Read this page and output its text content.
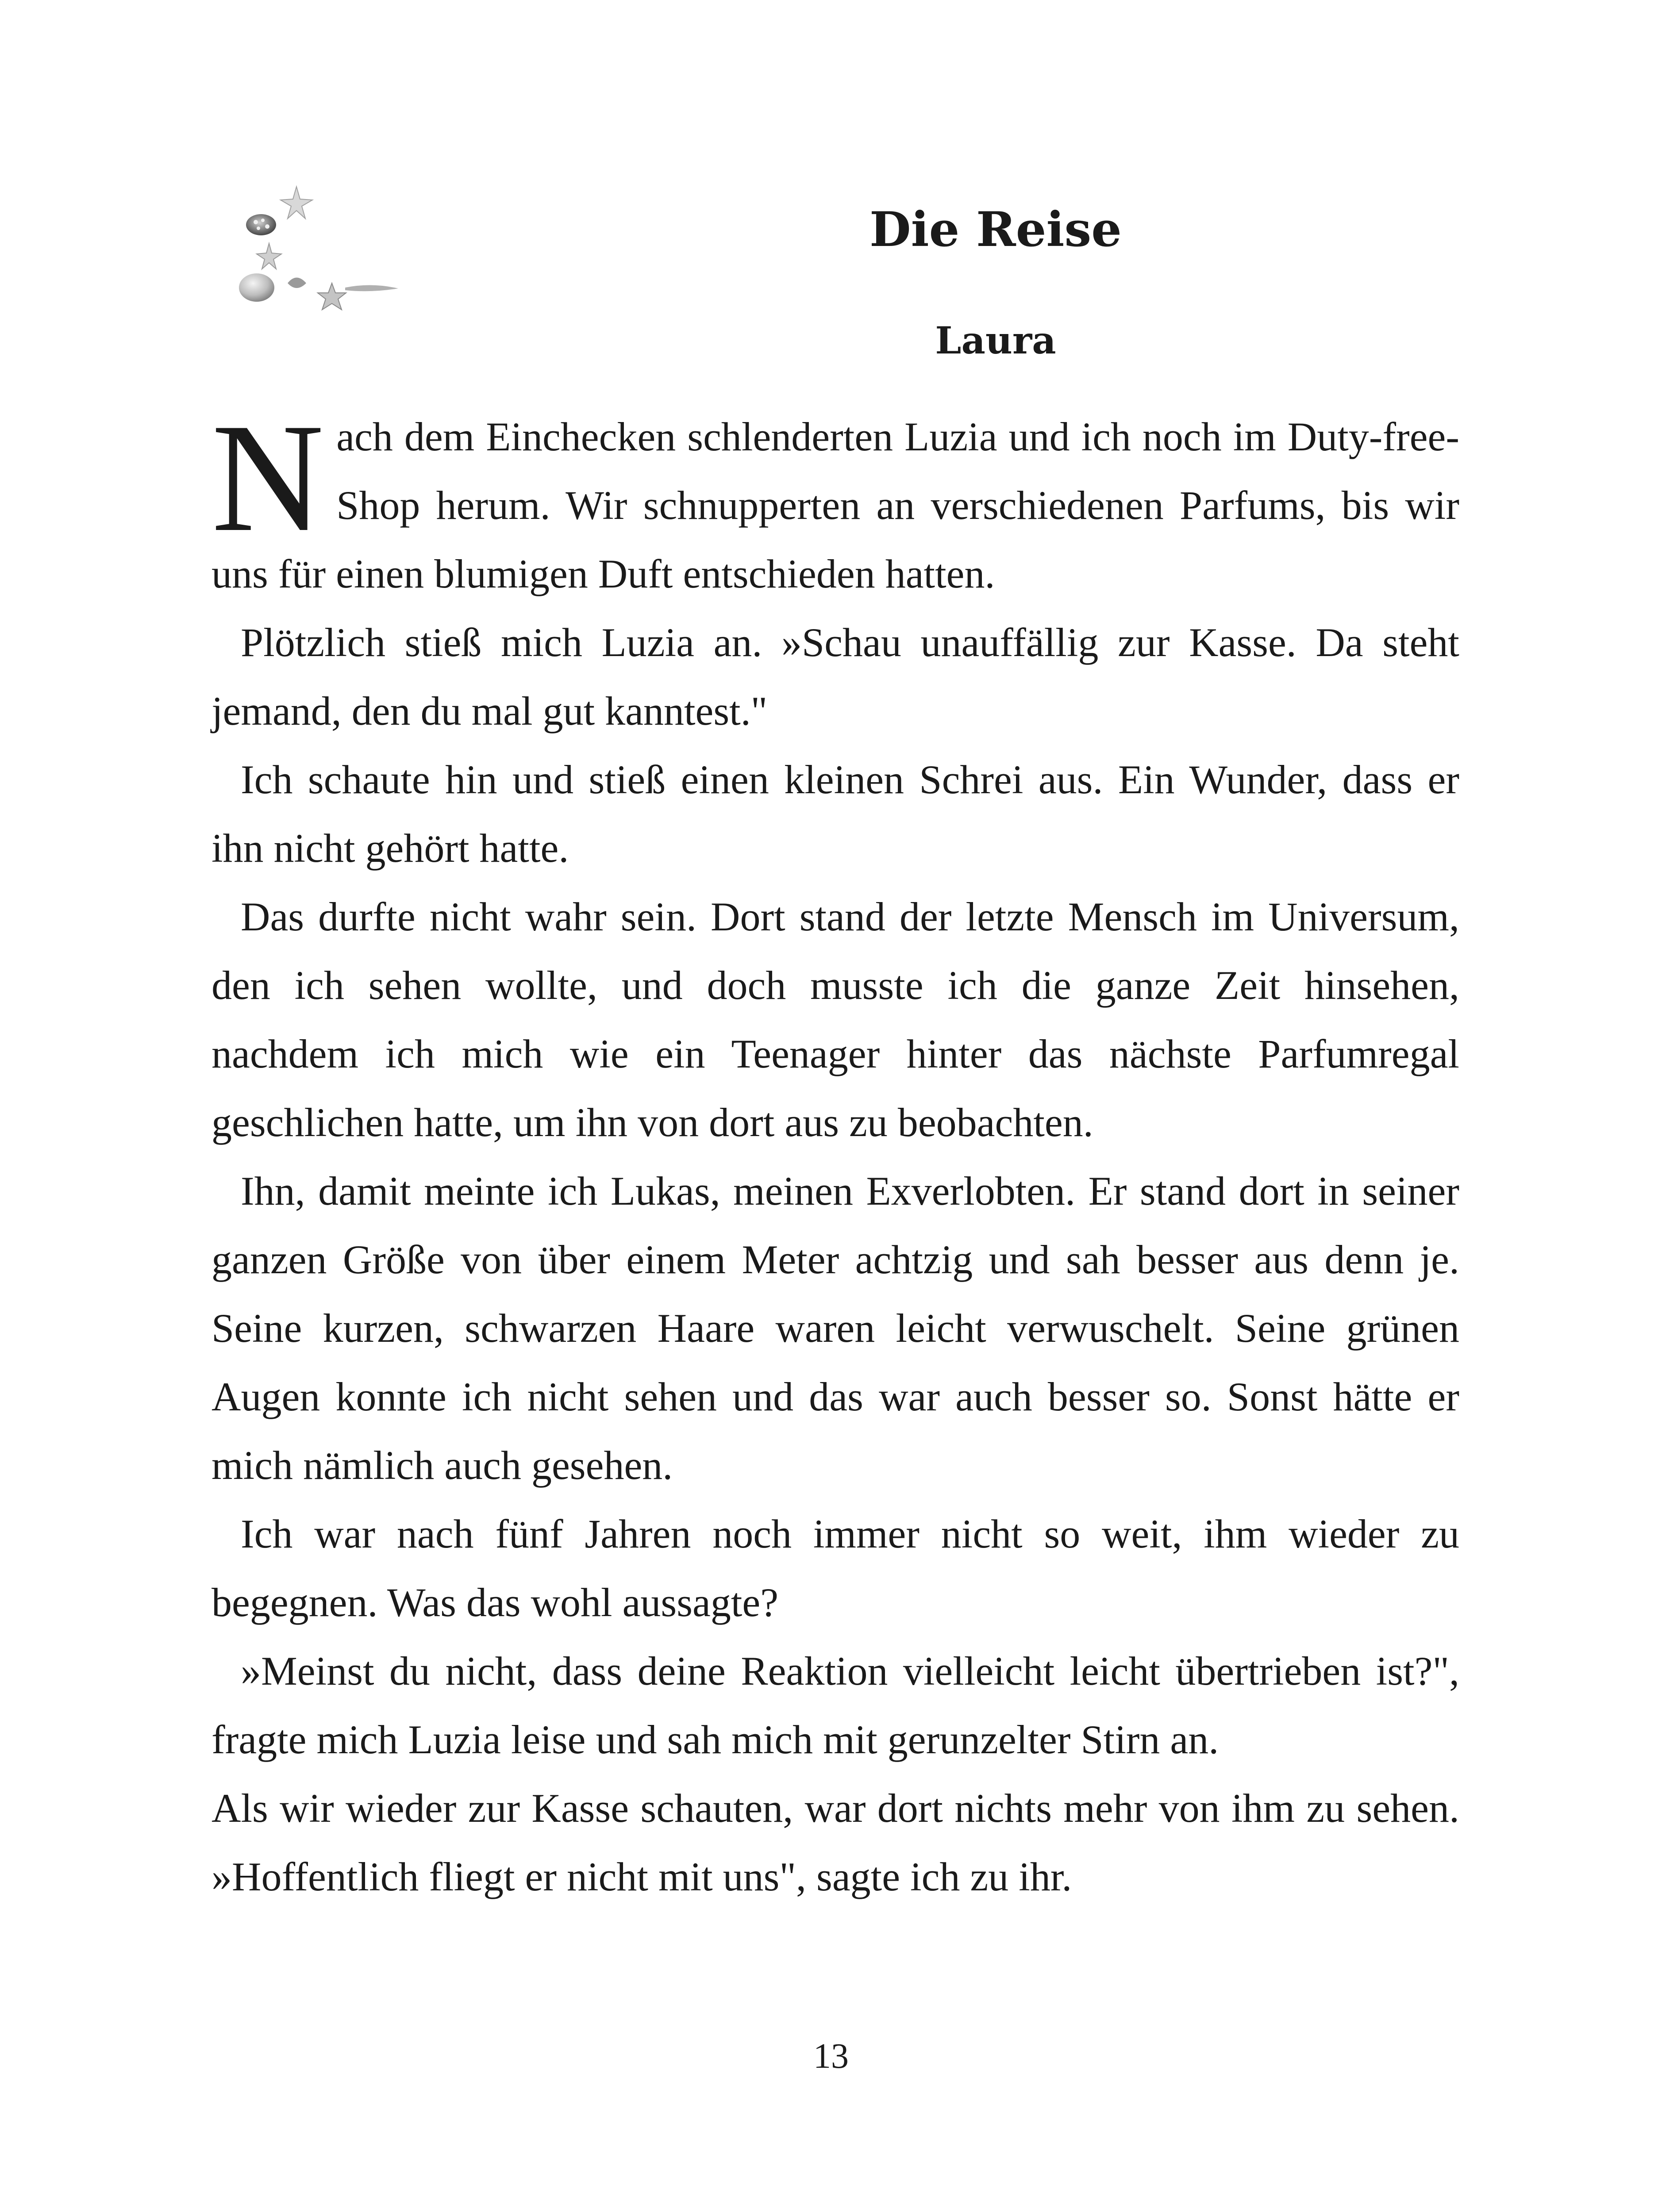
Die Reise
Laura

Nach dem Einchecken schlenderten Luzia und ich noch im Duty-free-Shop herum. Wir schnupperten an verschiedenen Parfums, bis wir uns für einen blumigen Duft entschieden hatten.

Plötzlich stieß mich Luzia an. »Schau unauffällig zur Kasse. Da steht jemand, den du mal gut kanntest."

Ich schaute hin und stieß einen kleinen Schrei aus. Ein Wunder, dass er ihn nicht gehört hatte.

Das durfte nicht wahr sein. Dort stand der letzte Mensch im Universum, den ich sehen wollte, und doch musste ich die ganze Zeit hinsehen, nachdem ich mich wie ein Teenager hinter das nächste Parfumregal geschlichen hatte, um ihn von dort aus zu beobachten.

Ihn, damit meinte ich Lukas, meinen Exverlobten. Er stand dort in seiner ganzen Größe von über einem Meter achtzig und sah besser aus denn je. Seine kurzen, schwarzen Haare waren leicht verwuschelt. Seine grünen Augen konnte ich nicht sehen und das war auch besser so. Sonst hätte er mich nämlich auch gesehen.

Ich war nach fünf Jahren noch immer nicht so weit, ihm wieder zu begegnen. Was das wohl aussagte?

»Meinst du nicht, dass deine Reaktion vielleicht leicht übertrieben ist?", fragte mich Luzia leise und sah mich mit gerunzelter Stirn an.

Als wir wieder zur Kasse schauten, war dort nichts mehr von ihm zu sehen. »Hoffentlich fliegt er nicht mit uns", sagte ich zu ihr.

13
